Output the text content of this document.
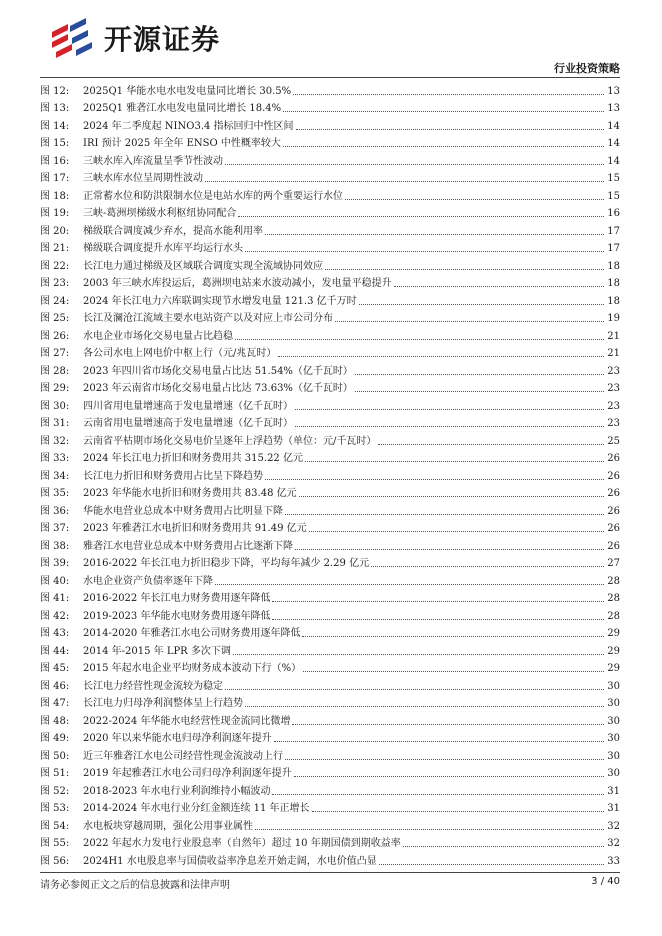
开源证券
行业投资策略
图 12:	2025Q1 华能水电水电发电量同比增长 30.5%	13
图 13:	2025Q1 雅砻江水电发电量同比增长 18.4%	13
图 14:	2024 年二季度起 NINO3.4 指标回归中性区间	14
图 15:	IRI 预计 2025 年全年 ENSO 中性概率较大	14
图 16:	三峡水库入库流量呈季节性波动	14
图 17:	三峡水库水位呈周期性波动	15
图 18:	正常蓄水位和防洪限制水位是电站水库的两个重要运行水位	15
图 19:	三峡-葛洲坝梯级水利枢纽协同配合	16
图 20:	梯级联合调度减少弃水，提高水能利用率	17
图 21:	梯级联合调度提升水库平均运行水头	17
图 22:	长江电力通过梯级及区域联合调度实现全流域协同效应	18
图 23:	2003 年三峡水库投运后，葛洲坝电站来水波动减小，发电量平稳提升	18
图 24:	2024 年长江电力六库联调实现节水增发电量 121.3 亿千万时	18
图 25:	长江及澜沧江流域主要水电站资产以及对应上市公司分布	19
图 26:	水电企业市场化交易电量占比趋稳	21
图 27:	各公司水电上网电价中枢上行（元/兆瓦时）	21
图 28:	2023 年四川省市场化交易电量占比达 51.54%（亿千瓦时）	23
图 29:	2023 年云南省市场化交易电量占比达 73.63%（亿千瓦时）	23
图 30:	四川省用电量增速高于发电量增速（亿千瓦时）	23
图 31:	云南省用电量增速高于发电量增速（亿千瓦时）	23
图 32:	云南省平枯期市场化交易电价呈逐年上浮趋势（单位：元/千瓦时）	25
图 33:	2024 年长江电力折旧和财务费用共 315.22 亿元	26
图 34:	长江电力折旧和财务费用占比呈下降趋势	26
图 35:	2023 年华能水电折旧和财务费用共 83.48 亿元	26
图 36:	华能水电营业总成本中财务费用占比明显下降	26
图 37:	2023 年雅砻江水电折旧和财务费用共 91.49 亿元	26
图 38:	雅砻江水电营业总成本中财务费用占比逐渐下降	26
图 39:	2016-2022 年长江电力折旧稳步下降，平均每年减少 2.29 亿元	27
图 40:	水电企业资产负债率逐年下降	28
图 41:	2016-2022 年长江电力财务费用逐年降低	28
图 42:	2019-2023 年华能水电财务费用逐年降低	28
图 43:	2014-2020 年雅砻江水电公司财务费用逐年降低	29
图 44:	2014 年-2015 年 LPR 多次下调	29
图 45:	2015 年起水电企业平均财务成本波动下行（%）	29
图 46:	长江电力经营性现金流较为稳定	30
图 47:	长江电力归母净利润整体呈上行趋势	30
图 48:	2022-2024 年华能水电经营性现金流同比微增	30
图 49:	2020 年以来华能水电归母净利润逐年提升	30
图 50:	近三年雅砻江水电公司经营性现金流波动上行	30
图 51:	2019 年起雅砻江水电公司归母净利润逐年提升	30
图 52:	2018-2023 年水电行业利润维持小幅波动	31
图 53:	2014-2024 年水电行业分红金额连续 11 年正增长	31
图 54:	水电板块穿越周期，强化公用事业属性	32
图 55:	2022 年起水力发电行业股息率（自然年）超过 10 年期国债到期收益率	32
图 56:	2024H1 水电股息率与国债收益率净息差开始走阔，水电价值凸显	33
请务必参阅正文之后的信息披露和法律声明	3 / 40
